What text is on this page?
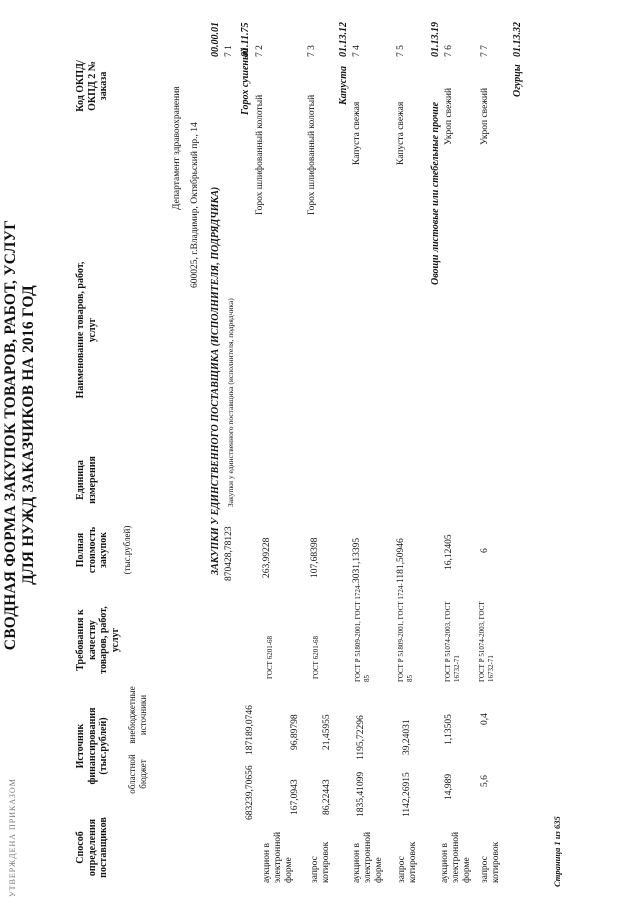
УТВЕРЖДЕНА ПРИКАЗОМ
СВОДНАЯ ФОРМА ЗАКУПОК ТОВАРОВ, РАБОТ, УСЛУГ ДЛЯ НУЖД ЗАКАЗЧИКОВ НА 2016 ГОД
Код ОКПД/ ОКПД 2 № заказа
Наименование товаров, работ, услуг
Единица измерения
Полная стоимость закупок (тыс.рублей)
Требования к качеству товаров, работ, услуг
Источник финансирования (тыс.рублей) областной бюджет
внебюджетные источники
Способ определения поставщиков
Департамент здравоохранения 600025, г.Владимир, Октябрьский пр., 14
00.00.01
ЗАКУПКИ У ЕДИНСТВЕННОГО ПОСТАВЩИКА (ИСПОЛНИТЕЛЯ, ПОДРЯДЧИКА)
7 1
Закупки у единственного поставщика (исполнителя, подрядчика)
870428,78123
187189,0746
683239,70656
01.11.75
Горох сушеный 7 2
Горох шлифованный колотый
263,99228
ГОСТ 6201-68
96,89798
167,0943
аукцион в электронной форме
7 3
Горох шлифованный колотый
107,68398
ГОСТ 6201-68
21,45955
86,22443
запрос котировок
01.13.12
Капуста
7 4
Капуста свежая
3031,13395
ГОСТ Р 51809-2001, ГОСТ 1724-85
1195,72296
1835,41099
аукцион в электронной форме
7 5
Капуста свежая
1181,50946
ГОСТ Р 51809-2001, ГОСТ 1724-85
39,24031
1142,26915
запрос котировок
01.13.19
Овощи листовые или стебельные прочие
7 6
Укроп свежий
16,12405
ГОСТ Р 51074-2003, ГОСТ 16732-71
1,13505
14,989
аукцион в электронной форме
7 7
Укроп свежий
6
ГОСТ Р 51074-2003, ГОСТ 16732-71
0,4
5,6
запрос котировок
01.13.32
Огурцы
Страница 1 из 635
